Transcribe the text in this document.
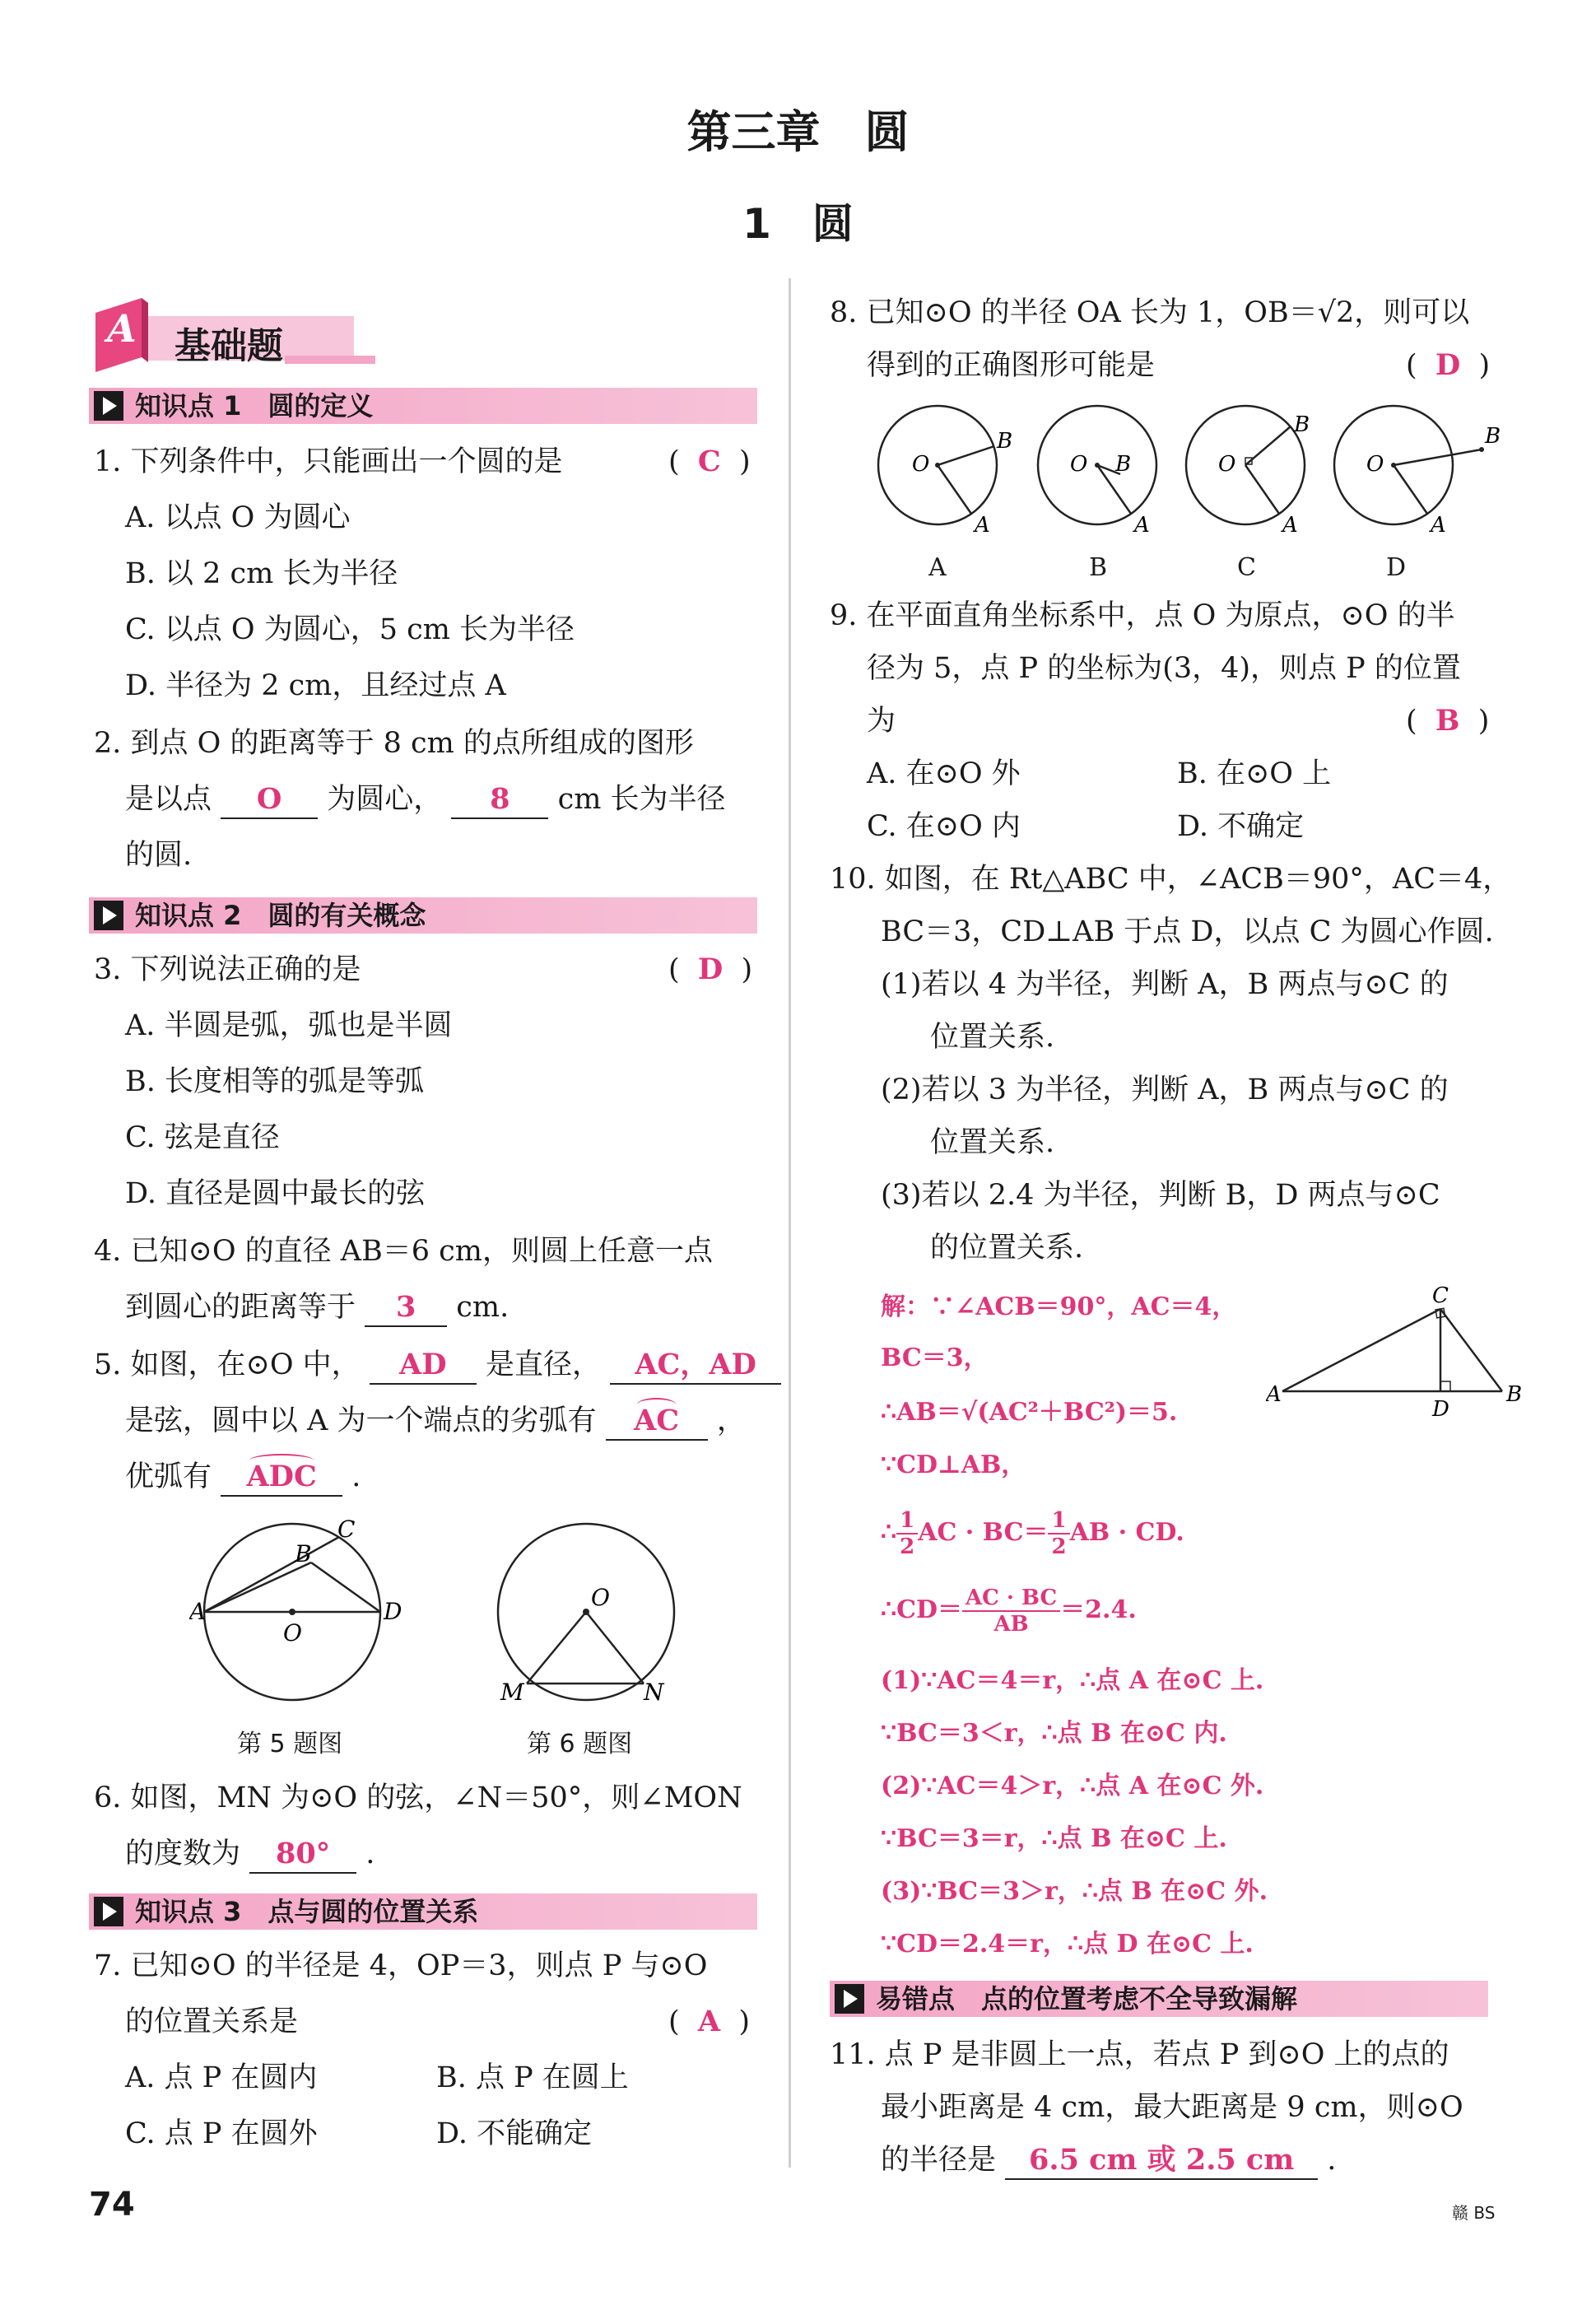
第三章　圆
1　圆
A 基础题
知识点 1　圆的定义
1. 下列条件中，只能画出一个圆的是	(  C  )
A. 以点 O 为圆心
B. 以 2 cm 长为半径
C. 以点 O 为圆心，5 cm 长为半径
D. 半径为 2 cm，且经过点 A
2. 到点 O 的距离等于 8 cm 的点所组成的图形
是以点 O 为圆心， 8 cm 长为半径
的圆.
知识点 2　圆的有关概念
3. 下列说法正确的是	(  D  )
A. 半圆是弧，弧也是半圆
B. 长度相等的弧是等弧
C. 弦是直径
D. 直径是圆中最长的弦
4. 已知⊙O 的直径 AB＝6 cm，则圆上任意一点
到圆心的距离等于 3 cm.
5. 如图，在⊙O 中， AD 是直径， AC，AD
是弦，圆中以 A 为一个端点的劣弧有 AC ，
优弧有 ADC .
A
B
C
D
O
第 5 题图
O
M	N
第 6 题图
6. 如图，MN 为⊙O 的弦，∠N＝50°，则∠MON
的度数为 80° .
知识点 3　点与圆的位置关系
7. 已知⊙O 的半径是 4，OP＝3，则点 P 与⊙O
的位置关系是	(  A  )
A. 点 P 在圆内	B. 点 P 在圆上
C. 点 P 在圆外	D. 不能确定
8. 已知⊙O 的半径 OA 长为 1，OB＝√2，则可以
得到的正确图形可能是	(  D  )
O
B
A
O B
A
O
B
A
O
B
A
A	B	C	D
9. 在平面直角坐标系中，点 O 为原点，⊙O 的半
径为 5，点 P 的坐标为(3，4)，则点 P 的位置
为	(  B  )
A. 在⊙O 外	B. 在⊙O 上
C. 在⊙O 内	D. 不确定
10. 如图，在 Rt△ABC 中，∠ACB＝90°，AC＝4，
BC＝3，CD⊥AB 于点 D，以点 C 为圆心作圆.
(1)若以 4 为半径，判断 A，B 两点与⊙C 的
位置关系.
(2)若以 3 为半径，判断 A，B 两点与⊙C 的
位置关系.
(3)若以 2.4 为半径，判断 B，D 两点与⊙C
的位置关系.
A	B
C
D
解：∵∠ACB＝90°，AC＝4，
BC＝3，
∴AB＝√(AC²＋BC²)＝5.
∵CD⊥AB，
∴ $\frac{1}{2}$ AC · $BC= \frac{1}{2}$ AB · CD.
∴CD＝ $\frac{AC \cdot BC}{AB} =2.4$.
(1)∵AC＝4＝r，∴点 A 在⊙C 上.
∵BC＝3＜r，∴点 B 在⊙C 内.
(2)∵AC＝4＞r，∴点 A 在⊙C 外.
∵BC＝3＝r，∴点 B 在⊙C 上.
(3)∵BC＝3＞r，∴点 B 在⊙C 外.
∵CD＝2.4＝r，∴点 D 在⊙C 上.
易错点　点的位置考虑不全导致漏解
11. 点 P 是非圆上一点，若点 P 到⊙O 上的点的
最小距离是 4 cm，最大距离是 9 cm，则⊙O
的半径是 6.5 cm 或 2.5 cm .
74	赣 BS
